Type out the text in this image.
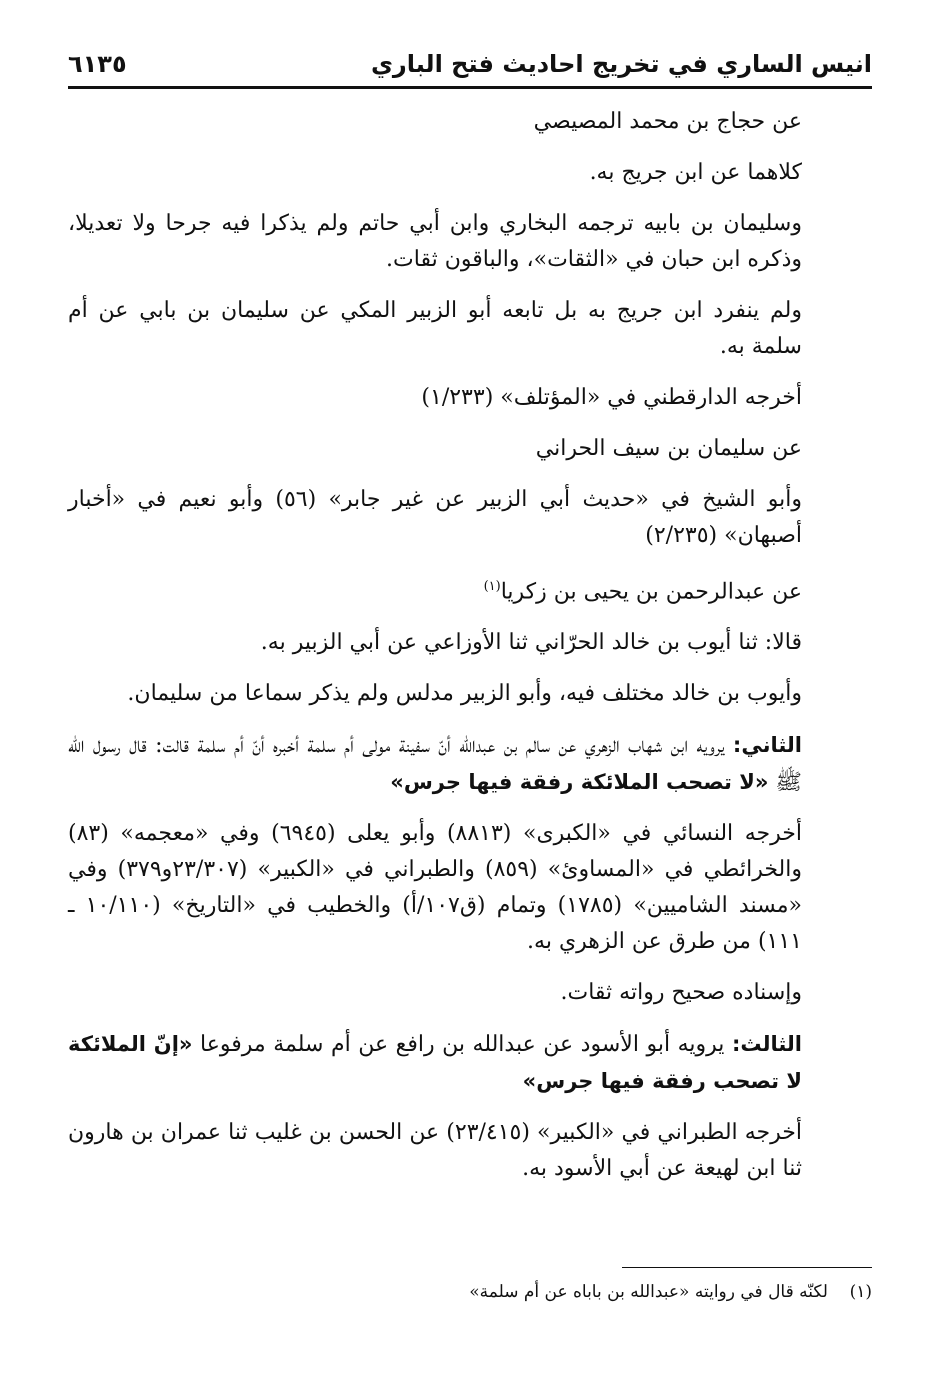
انيس الساري في تخريج احاديث فتح الباري
٦١٣٥

عن حجاج بن محمد المصيصي

كلاهما عن ابن جريج به.

وسليمان بن بابيه ترجمه البخاري وابن أبي حاتم ولم يذكرا فيه جرحا ولا تعديلا، وذكره ابن حبان في «الثقات»، والباقون ثقات.

ولم ينفرد ابن جريج به بل تابعه أبو الزبير المكي عن سليمان بن بابي عن أم سلمة به.

أخرجه الدارقطني في «المؤتلف» (١/٢٣٣)

عن سليمان بن سيف الحراني

وأبو الشيخ في «حديث أبي الزبير عن غير جابر» (٥٦) وأبو نعيم في «أخبار أصبهان» (٢/٢٣٥)

عن عبدالرحمن بن يحيى بن زكريا$^{(١)}$

قالا: ثنا أيوب بن خالد الحرّاني ثنا الأوزاعي عن أبي الزبير به.

وأيوب بن خالد مختلف فيه، وأبو الزبير مدلس ولم يذكر سماعا من سليمان.

الثاني: يرويه ابن شهاب الزهري عن سالم بن عبدالله أنّ سفينة مولى أم سلمة أخبره أنّ أم سلمة قالت: قال رسول الله ﷺ «لا تصحب الملائكة رفقة فيها جرس»

أخرجه النسائي في «الكبرى» (٨٨١٣) وأبو يعلى (٦٩٤٥) وفي «معجمه» (٨٣) والخرائطي في «المساوئ» (٨٥٩) والطبراني في «الكبير» (٢٣/٣٠٧و٣٧٩) وفي «مسند الشاميين» (١٧٨٥) وتمام (ق١٠٧/أ) والخطيب في «التاريخ» (١٠/١١٠ ـ ١١١) من طرق عن الزهري به.

وإسناده صحيح رواته ثقات.

الثالث: يرويه أبو الأسود عن عبدالله بن رافع عن أم سلمة مرفوعا «إنّ الملائكة لا تصحب رفقة فيها جرس»

أخرجه الطبراني في «الكبير» (٢٣/٤١٥) عن الحسن بن غليب ثنا عمران بن هارون ثنا ابن لهيعة عن أبي الأسود به.

(١)    لكنّه قال في روايته «عبدالله بن باباه عن أم سلمة»
